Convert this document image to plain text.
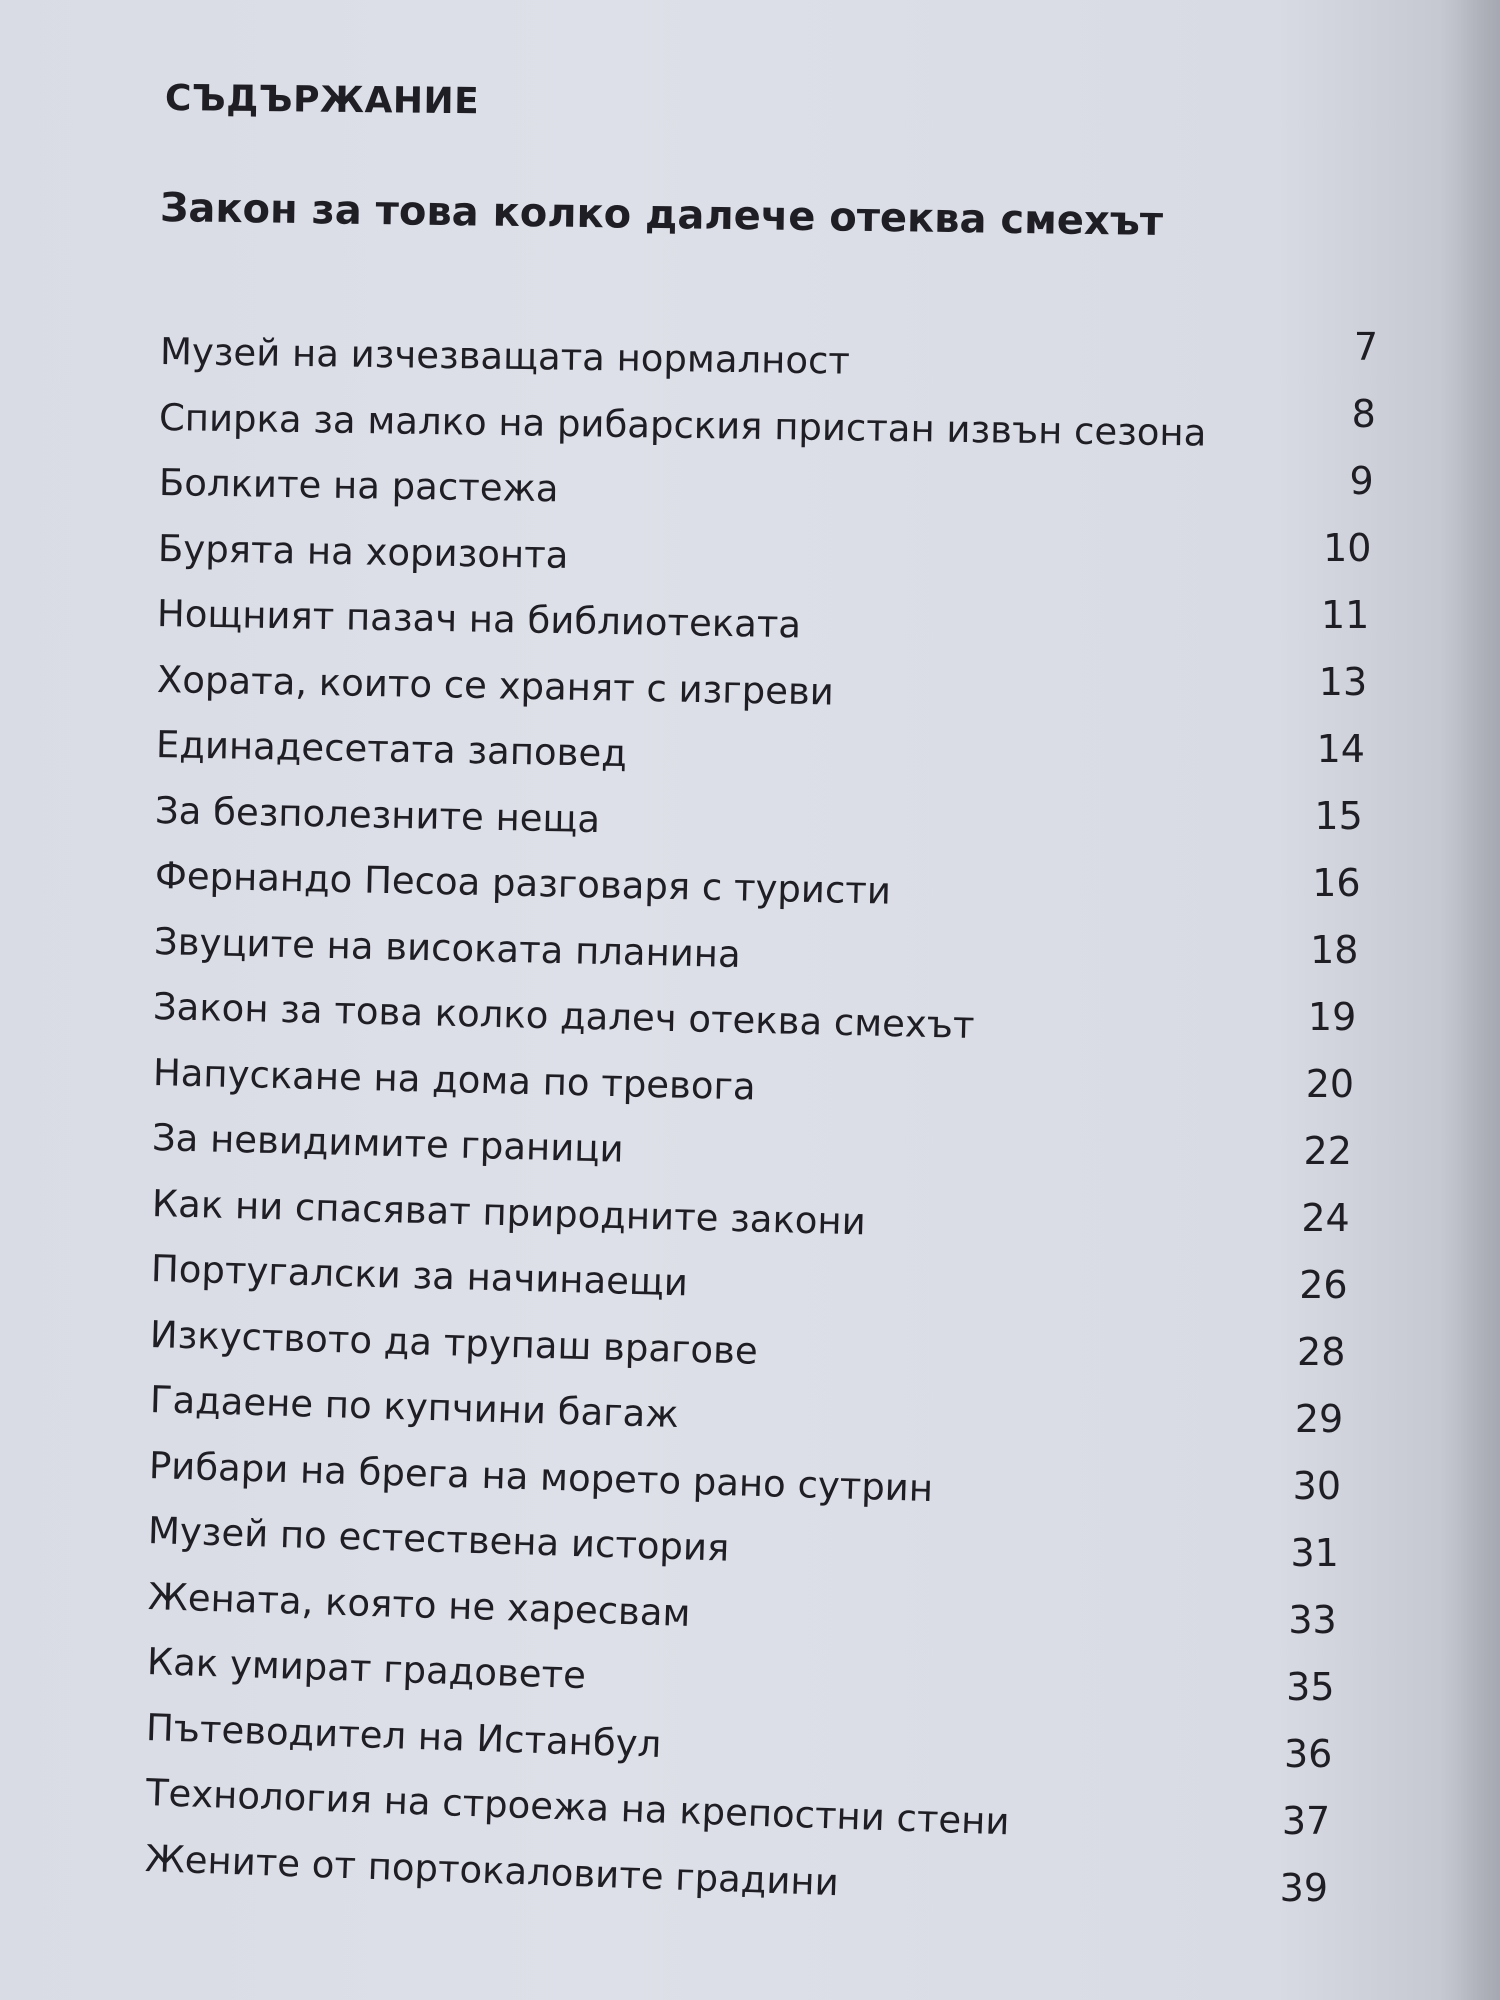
СЪДЪРЖАНИЕ
Закон за това колко далече отеква смехът
Музей на изчезващата нормалност	7
Спирка за малко на рибарския пристан извън сезона	8
Болките на растежа	9
Бурята на хоризонта	10
Нощният пазач на библиотеката	11
Хората, които се хранят с изгреви	13
Единадесетата заповед	14
За безполезните неща	15
Фернандо Песоа разговаря с туристи	16
Звуците на високата планина	18
Закон за това колко далеч отеква смехът	19
Напускане на дома по тревога	20
За невидимите граници	22
Как ни спасяват природните закони	24
Португалски за начинаещи	26
Изкуството да трупаш врагове	28
Гадаене по купчини багаж	29
Рибари на брега на морето рано сутрин	30
Музей по естествена история	31
Жената, която не харесвам	33
Как умират градовете	35
Пътеводител на Истанбул	36
Технология на строежа на крепостни стени	37
Жените от портокаловите градини	39
